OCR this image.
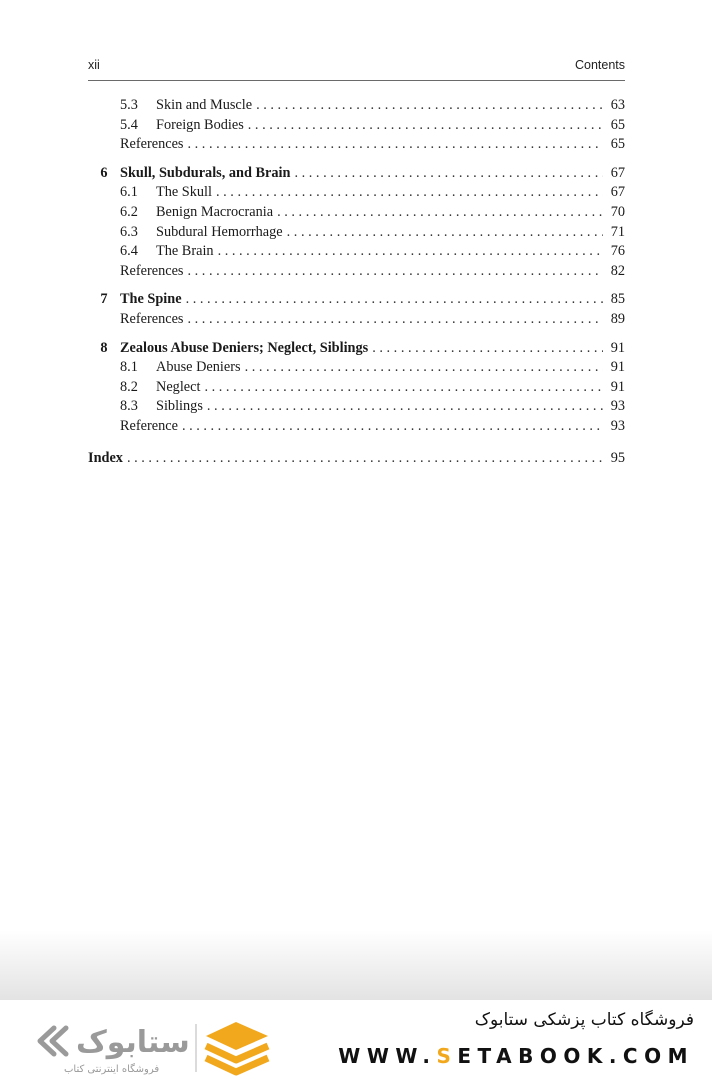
xii	Contents
5.3 Skin and Muscle . . .	63
5.4 Foreign Bodies . . .	65
References . . .	65
6 Skull, Subdurals, and Brain . . .	67
6.1 The Skull . . .	67
6.2 Benign Macrocrania . . .	70
6.3 Subdural Hemorrhage . . .	71
6.4 The Brain . . .	76
References . . .	82
7 The Spine . . .	85
References . . .	89
8 Zealous Abuse Deniers; Neglect, Siblings . . .	91
8.1 Abuse Deniers . . .	91
8.2 Neglect . . .	91
8.3 Siblings . . .	93
Reference . . .	93
Index . . .	95
ستابوک
فروشگاه اینترنتی کتاب
فروشگاه کتاب پزشکی ستابوک
WWW.SETABOOK.COM
